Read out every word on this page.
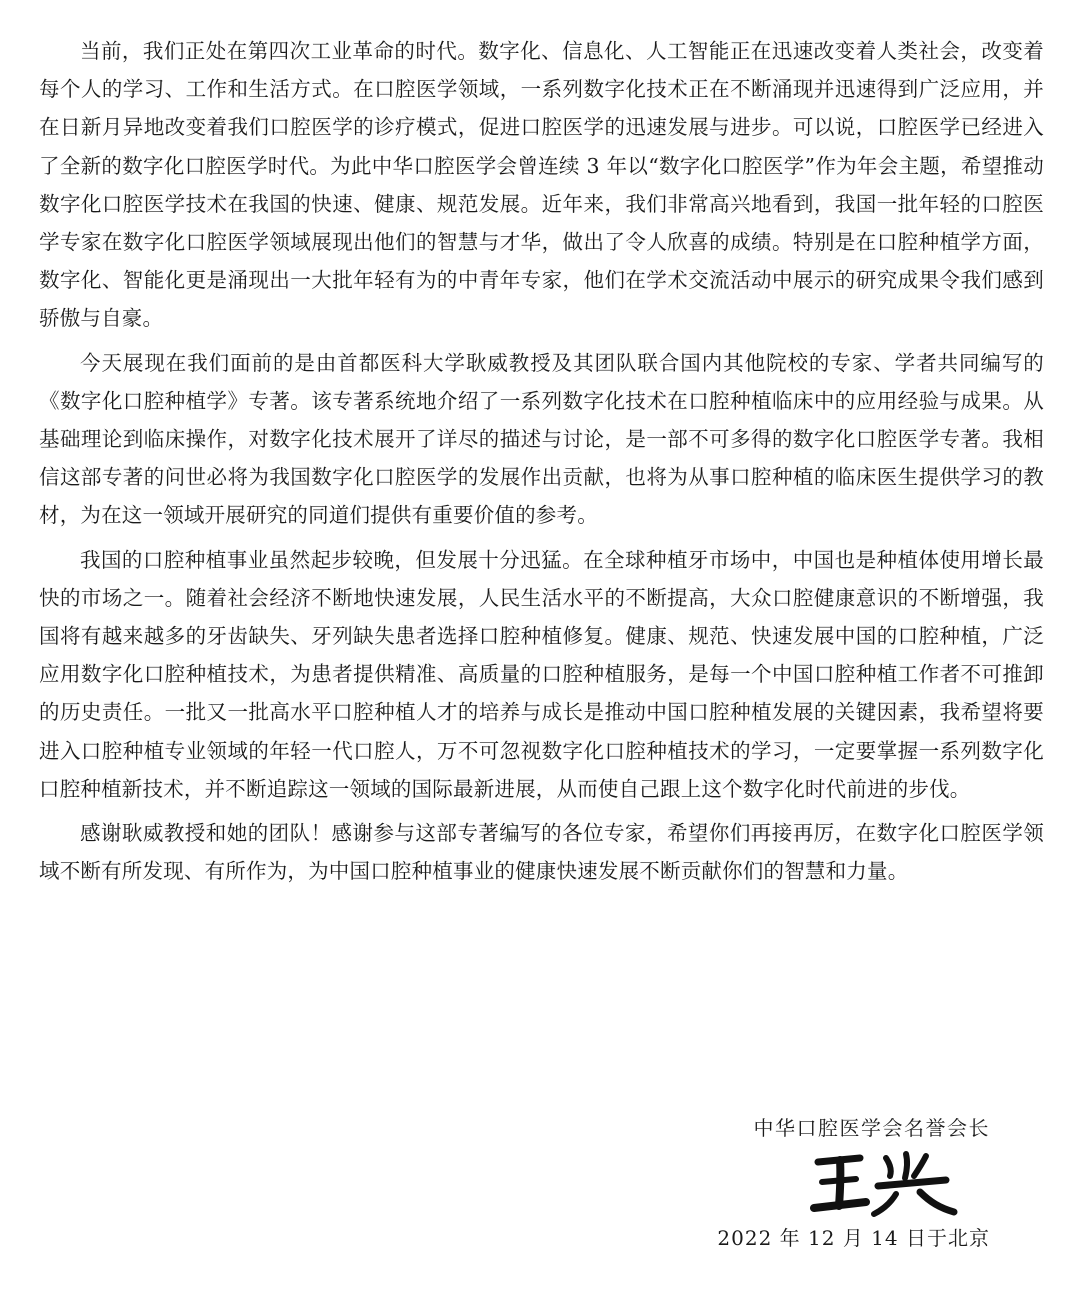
当前，我们正处在第四次工业革命的时代。数字化、信息化、人工智能正在迅速改变着人类社会，改变着每个人的学习、工作和生活方式。在口腔医学领域，一系列数字化技术正在不断涌现并迅速得到广泛应用，并在日新月异地改变着我们口腔医学的诊疗模式，促进口腔医学的迅速发展与进步。可以说，口腔医学已经进入了全新的数字化口腔医学时代。为此中华口腔医学会曾连续 3 年以“数字化口腔医学”作为年会主题，希望推动数字化口腔医学技术在我国的快速、健康、规范发展。近年来，我们非常高兴地看到，我国一批年轻的口腔医学专家在数字化口腔医学领域展现出他们的智慧与才华，做出了令人欣喜的成绩。特别是在口腔种植学方面，数字化、智能化更是涌现出一大批年轻有为的中青年专家，他们在学术交流活动中展示的研究成果令我们感到骄傲与自豪。

今天展现在我们面前的是由首都医科大学耿威教授及其团队联合国内其他院校的专家、学者共同编写的《数字化口腔种植学》专著。该专著系统地介绍了一系列数字化技术在口腔种植临床中的应用经验与成果。从基础理论到临床操作，对数字化技术展开了详尽的描述与讨论，是一部不可多得的数字化口腔医学专著。我相信这部专著的问世必将为我国数字化口腔医学的发展作出贡献，也将为从事口腔种植的临床医生提供学习的教材，为在这一领域开展研究的同道们提供有重要价值的参考。

我国的口腔种植事业虽然起步较晚，但发展十分迅猛。在全球种植牙市场中，中国也是种植体使用增长最快的市场之一。随着社会经济不断地快速发展，人民生活水平的不断提高，大众口腔健康意识的不断增强，我国将有越来越多的牙齿缺失、牙列缺失患者选择口腔种植修复。健康、规范、快速发展中国的口腔种植，广泛应用数字化口腔种植技术，为患者提供精准、高质量的口腔种植服务，是每一个中国口腔种植工作者不可推卸的历史责任。一批又一批高水平口腔种植人才的培养与成长是推动中国口腔种植发展的关键因素，我希望将要进入口腔种植专业领域的年轻一代口腔人，万不可忽视数字化口腔种植技术的学习，一定要掌握一系列数字化口腔种植新技术，并不断追踪这一领域的国际最新进展，从而使自己跟上这个数字化时代前进的步伐。

感谢耿威教授和她的团队！感谢参与这部专著编写的各位专家，希望你们再接再厉，在数字化口腔医学领域不断有所发现、有所作为，为中国口腔种植事业的健康快速发展不断贡献你们的智慧和力量。

中华口腔医学会名誉会长

2022 年 12 月 14 日于北京
